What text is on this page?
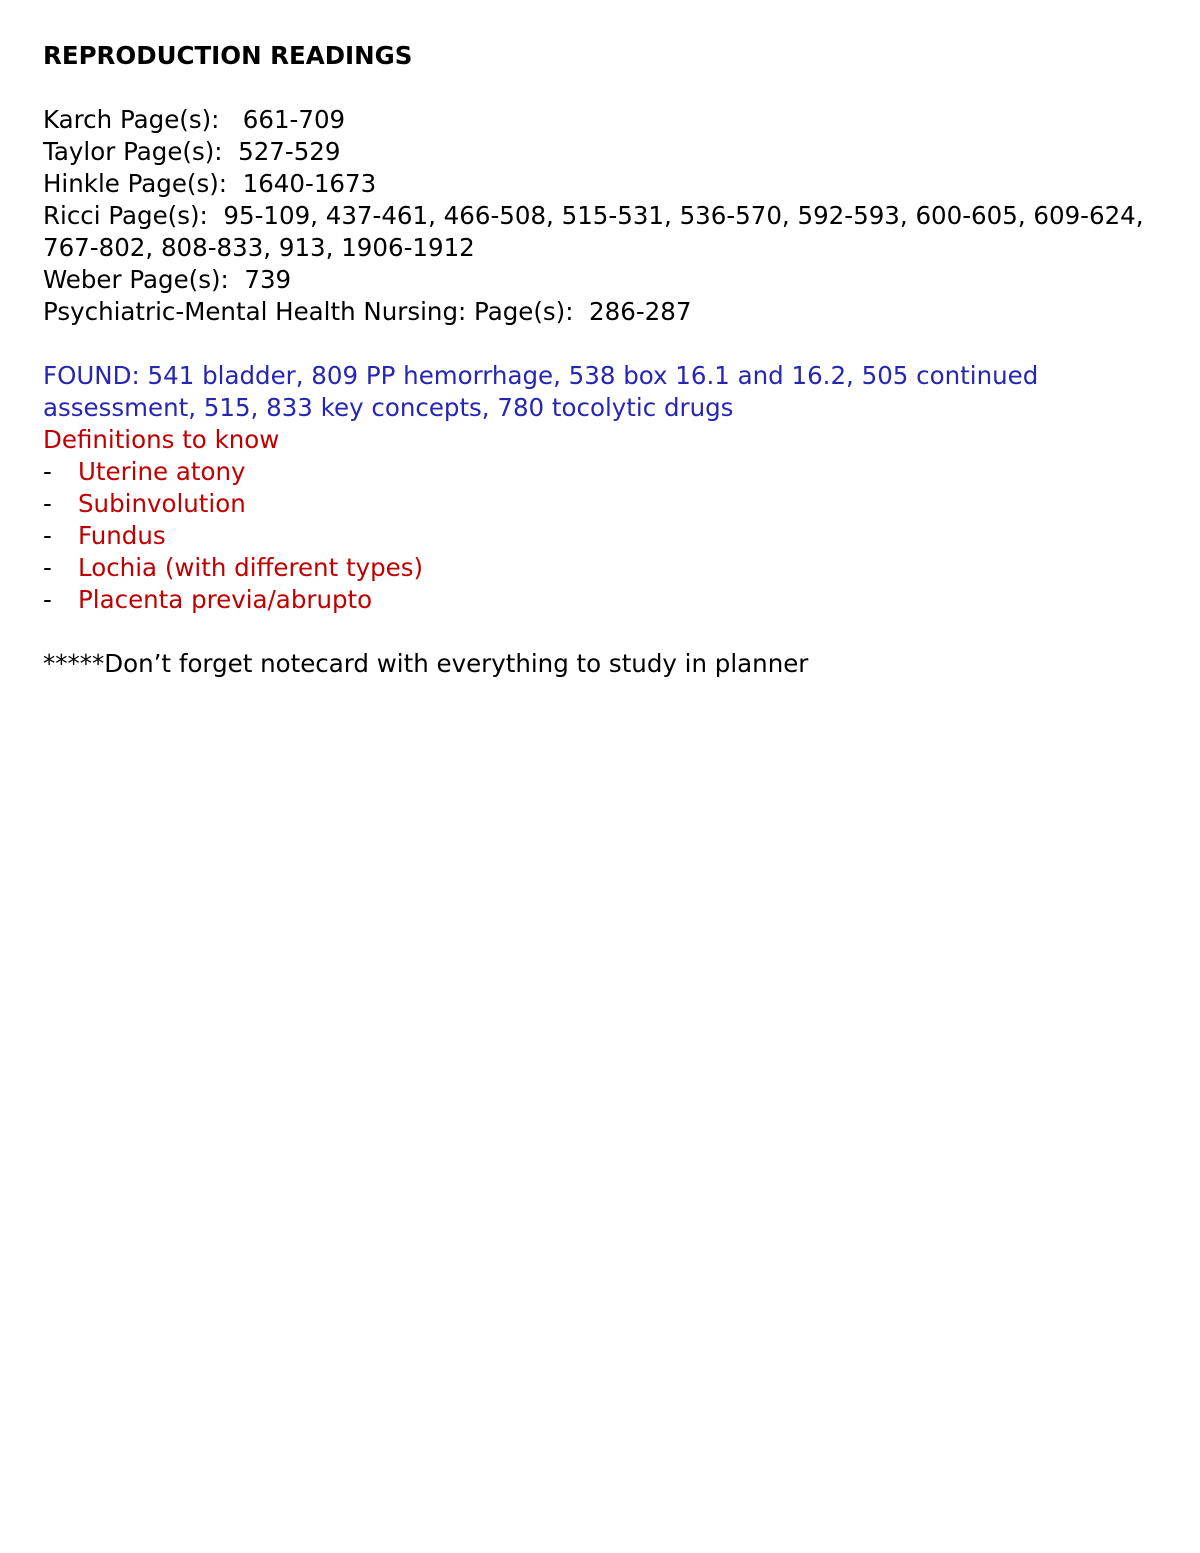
REPRODUCTION READINGS
Karch Page(s):   661-709
Taylor Page(s):  527-529
Hinkle Page(s):  1640-1673
Ricci Page(s):  95-109, 437-461, 466-508, 515-531, 536-570, 592-593, 600-605, 609-624, 767-802, 808-833, 913, 1906-1912
Weber Page(s):  739
Psychiatric-Mental Health Nursing: Page(s):  286-287
FOUND: 541 bladder, 809 PP hemorrhage, 538 box 16.1 and 16.2, 505 continued assessment, 515, 833 key concepts, 780 tocolytic drugs
Definitions to know
- Uterine atony
- Subinvolution
- Fundus
- Lochia (with different types)
- Placenta previa/abrupto
*****Don’t forget notecard with everything to study in planner
